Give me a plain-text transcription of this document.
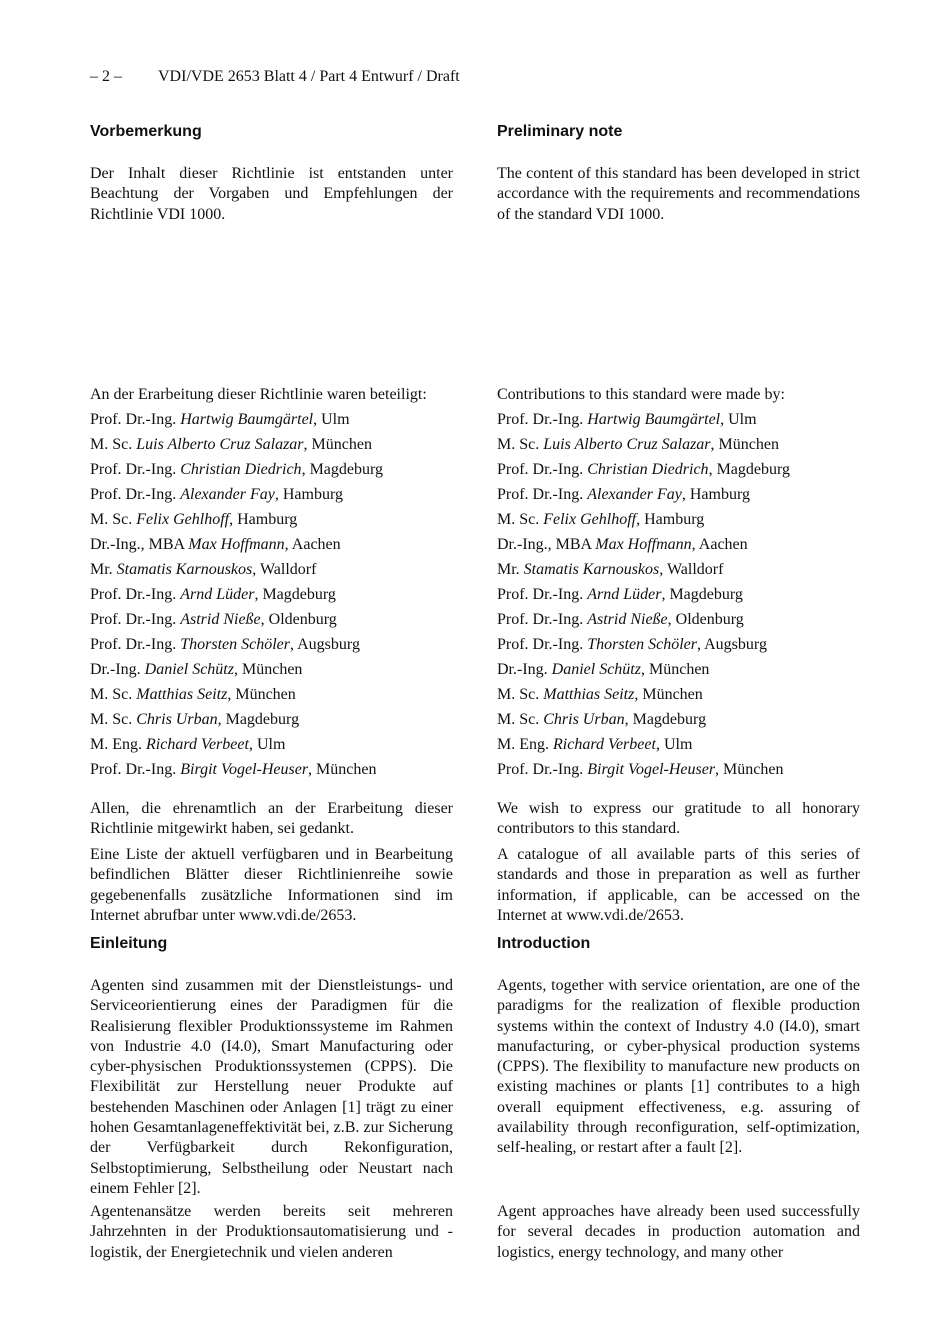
– 2 – VDI/VDE 2653 Blatt 4 / Part 4 Entwurf / Draft
Vorbemerkung

Der Inhalt dieser Richtlinie ist entstanden unter Beachtung der Vorgaben und Empfehlungen der Richtlinie VDI 1000.

An der Erarbeitung dieser Richtlinie waren beteiligt:
Prof. Dr.-Ing. Hartwig Baumgärtel, Ulm
M. Sc. Luis Alberto Cruz Salazar, München
Prof. Dr.-Ing. Christian Diedrich, Magdeburg
Prof. Dr.-Ing. Alexander Fay, Hamburg
M. Sc. Felix Gehlhoff, Hamburg
Dr.-Ing., MBA Max Hoffmann, Aachen
Mr. Stamatis Karnouskos, Walldorf
Prof. Dr.-Ing. Arnd Lüder, Magdeburg
Prof. Dr.-Ing. Astrid Nieße, Oldenburg
Prof. Dr.-Ing. Thorsten Schöler, Augsburg
Dr.-Ing. Daniel Schütz, München
M. Sc. Matthias Seitz, München
M. Sc. Chris Urban, Magdeburg
M. Eng. Richard Verbeet, Ulm
Prof. Dr.-Ing. Birgit Vogel-Heuser, München

Allen, die ehrenamtlich an der Erarbeitung dieser Richtlinie mitgewirkt haben, sei gedankt.

Eine Liste der aktuell verfügbaren und in Bearbeitung befindlichen Blätter dieser Richtlinienreihe sowie gegebenenfalls zusätzliche Informationen sind im Internet abrufbar unter www.vdi.de/2653.

Einleitung

Agenten sind zusammen mit der Dienstleistungs- und Serviceorientierung eines der Paradigmen für die Realisierung flexibler Produktionssysteme im Rahmen von Industrie 4.0 (I4.0), Smart Manufacturing oder cyber-physischen Produktionssystemen (CPPS). Die Flexibilität zur Herstellung neuer Produkte auf bestehenden Maschinen oder Anlagen [1] trägt zu einer hohen Gesamtanlageneffektivität bei, z.B. zur Sicherung der Verfügbarkeit durch Rekonfiguration, Selbstoptimierung, Selbstheilung oder Neustart nach einem Fehler [2].

Agentenansätze werden bereits seit mehreren Jahrzehnten in der Produktionsautomatisierung und -logistik, der Energietechnik und vielen anderen

Preliminary note

The content of this standard has been developed in strict accordance with the requirements and recommendations of the standard VDI 1000.

Contributions to this standard were made by:
Prof. Dr.-Ing. Hartwig Baumgärtel, Ulm
M. Sc. Luis Alberto Cruz Salazar, München
Prof. Dr.-Ing. Christian Diedrich, Magdeburg
Prof. Dr.-Ing. Alexander Fay, Hamburg
M. Sc. Felix Gehlhoff, Hamburg
Dr.-Ing., MBA Max Hoffmann, Aachen
Mr. Stamatis Karnouskos, Walldorf
Prof. Dr.-Ing. Arnd Lüder, Magdeburg
Prof. Dr.-Ing. Astrid Nieße, Oldenburg
Prof. Dr.-Ing. Thorsten Schöler, Augsburg
Dr.-Ing. Daniel Schütz, München
M. Sc. Matthias Seitz, München
M. Sc. Chris Urban, Magdeburg
M. Eng. Richard Verbeet, Ulm
Prof. Dr.-Ing. Birgit Vogel-Heuser, München

We wish to express our gratitude to all honorary contributors to this standard.

A catalogue of all available parts of this series of standards and those in preparation as well as further information, if applicable, can be accessed on the Internet at www.vdi.de/2653.

Introduction

Agents, together with service orientation, are one of the paradigms for the realization of flexible production systems within the context of Industry 4.0 (I4.0), smart manufacturing, or cyber-physical production systems (CPPS). The flexibility to manufacture new products on existing machines or plants [1] contributes to a high overall equipment effectiveness, e.g. assuring of availability through reconfiguration, self-optimization, self-healing, or restart after a fault [2].

Agent approaches have already been used successfully for several decades in production automation and logistics, energy technology, and many other
